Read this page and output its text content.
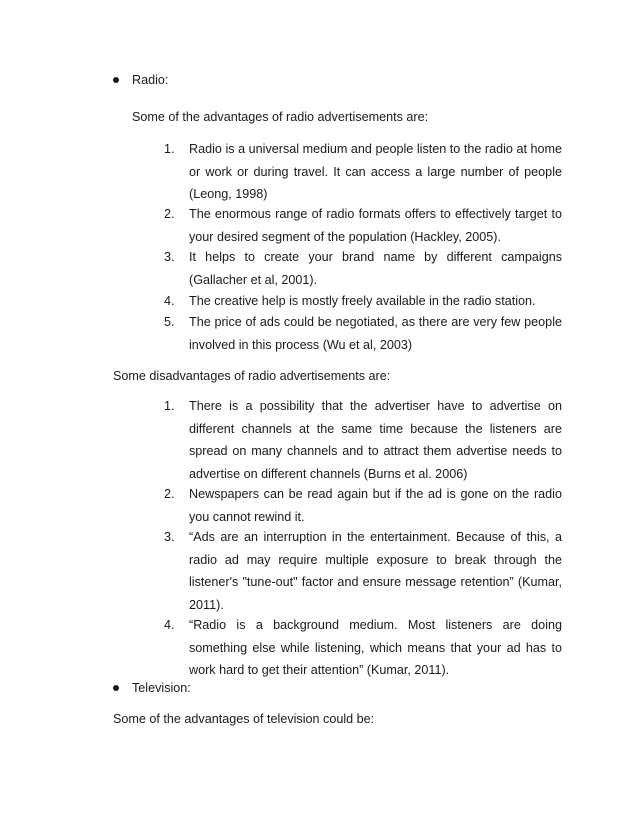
Radio:
Some of the advantages of radio advertisements are:
1. Radio is a universal medium and people listen to the radio at home or work or during travel. It can access a large number of people (Leong, 1998)
2. The enormous range of radio formats offers to effectively target to your desired segment of the population (Hackley, 2005).
3. It helps to create your brand name by different campaigns (Gallacher et al, 2001).
4. The creative help is mostly freely available in the radio station.
5. The price of ads could be negotiated, as there are very few people involved in this process (Wu et al, 2003)
Some disadvantages of radio advertisements are:
1. There is a possibility that the advertiser have to advertise on different channels at the same time because the listeners are spread on many channels and to attract them advertise needs to advertise on different channels (Burns et al. 2006)
2. Newspapers can be read again but if the ad is gone on the radio you cannot rewind it.
3. “Ads are an interruption in the entertainment. Because of this, a radio ad may require multiple exposure to break through the listener's "tune-out" factor and ensure message retention” (Kumar, 2011).
4. “Radio is a background medium. Most listeners are doing something else while listening, which means that your ad has to work hard to get their attention” (Kumar, 2011).
Television:
Some of the advantages of television could be:
